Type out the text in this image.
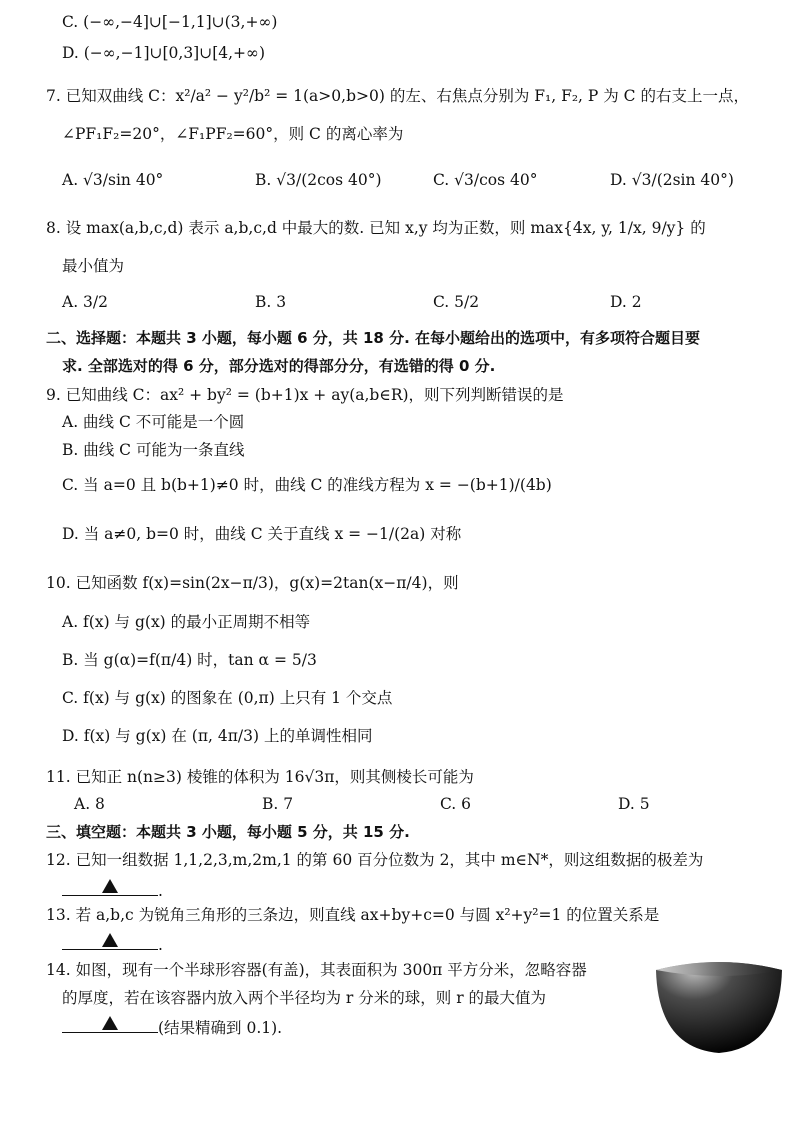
C. (−∞,−4]∪[−1,1]∪(3,+∞)
D. (−∞,−1]∪[0,3]∪[4,+∞)
7. 已知双曲线 C：x²/a² − y²/b² = 1(a>0,b>0) 的左、右焦点分别为 F₁, F₂, P 为 C 的右支上一点，
∠PF₁F₂=20°，∠F₁PF₂=60°，则 C 的离心率为
A. √3/sin 40°	B. √3/(2cos 40°)	C. √3/cos 40°	D. √3/(2sin 40°)
8. 设 max(a,b,c,d) 表示 a,b,c,d 中最大的数. 已知 x,y 均为正数，则 max{4x, y, 1/x, 9/y} 的
最小值为
A. 3/2	B. 3	C. 5/2	D. 2
二、选择题：本题共 3 小题，每小题 6 分，共 18 分. 在每小题给出的选项中，有多项符合题目要
求. 全部选对的得 6 分，部分选对的得部分分，有选错的得 0 分.
9. 已知曲线 C：ax² + by² = (b+1)x + ay(a,b∈R)，则下列判断错误的是
A. 曲线 C 不可能是一个圆
B. 曲线 C 可能为一条直线
C. 当 a=0 且 b(b+1)≠0 时，曲线 C 的准线方程为 x = −(b+1)/(4b)
D. 当 a≠0, b=0 时，曲线 C 关于直线 x = −1/(2a) 对称
10. 已知函数 f(x)=sin(2x−π/3)，g(x)=2tan(x−π/4)，则
A. f(x) 与 g(x) 的最小正周期不相等
B. 当 g(α)=f(π/4) 时，tan α = 5/3
C. f(x) 与 g(x) 的图象在 (0,π) 上只有 1 个交点
D. f(x) 与 g(x) 在 (π, 4π/3) 上的单调性相同
11. 已知正 n(n≥3) 棱锥的体积为 16√3π，则其侧棱长可能为
A. 8	B. 7	C. 6	D. 5
三、填空题：本题共 3 小题，每小题 5 分，共 15 分.
12. 已知一组数据 1,1,2,3,m,2m,1 的第 60 百分位数为 2，其中 m∈N*，则这组数据的极差为
.
13. 若 a,b,c 为锐角三角形的三条边，则直线 ax+by+c=0 与圆 x²+y²=1 的位置关系是
.
14. 如图，现有一个半球形容器(有盖)，其表面积为 300π 平方分米，忽略容器
的厚度，若在该容器内放入两个半径均为 r 分米的球，则 r 的最大值为
(结果精确到 0.1).
